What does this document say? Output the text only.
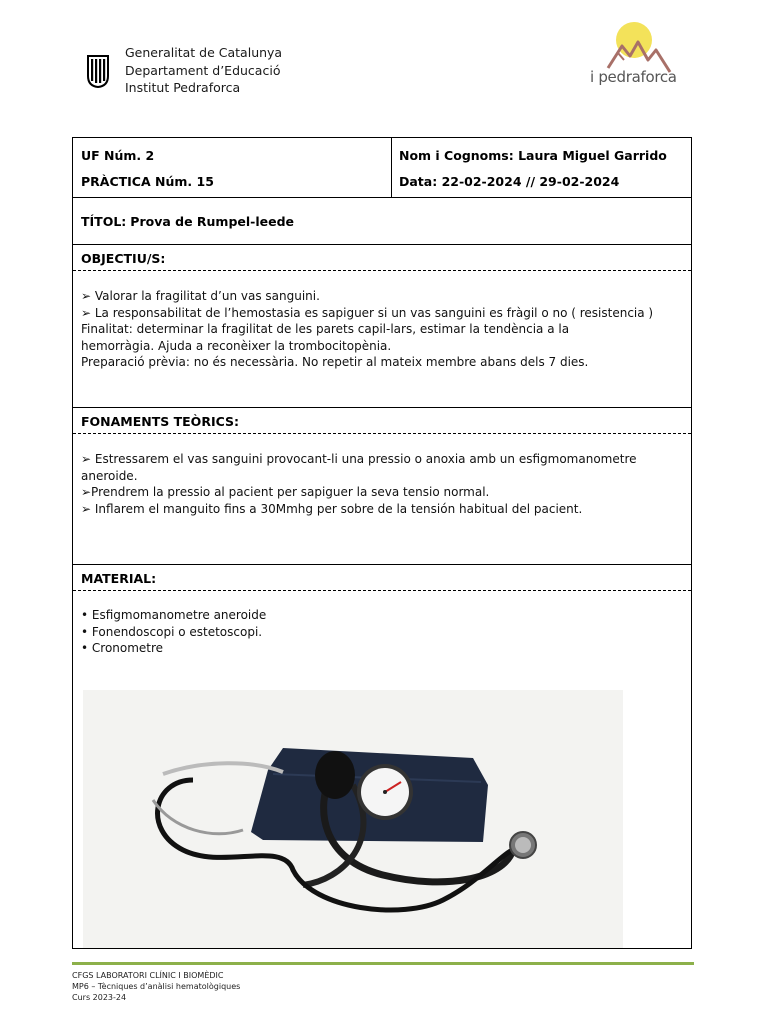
Generalitat de Catalunya
Departament d’Educació
Institut Pedraforca
i pedraforca
UF Núm. 2
PRÀCTICA Núm. 15
Nom i Cognoms: Laura Miguel Garrido
Data: 22-02-2024 // 29-02-2024
TÍTOL: Prova de Rumpel-leede
OBJECTIU/S:

➢ Valorar la fragilitat d’un vas sanguini.

➢ La responsabilitat de l’hemostasia es sapiguer si un vas sanguini es fràgil o no ( resistencia )

Finalitat: determinar la fragilitat de les parets capil-lars, estimar la tendència a la

hemorràgia. Ajuda a reconèixer la trombocitopènia.

Preparació prèvia: no és necessària. No repetir al mateix membre abans dels 7 dies.

FONAMENTS TEÒRICS:

➢ Estressarem el vas sanguini provocant-li una pressio o anoxia amb un esfigmomanometre aneroide.

➢Prendrem la pressio al pacient per sapiguer la seva tensio normal.

➢ Inflarem el manguito fins a 30Mmhg per sobre de la tensión habitual del pacient.

MATERIAL:

• Esfigmomanometre aneroide

• Fonendoscopi o estetoscopi.

• Cronometre

CFGS LABORATORI CLÍNIC I BIOMÈDIC
MP6 – Tècniques d’anàlisi hematològiques
Curs 2023-24
